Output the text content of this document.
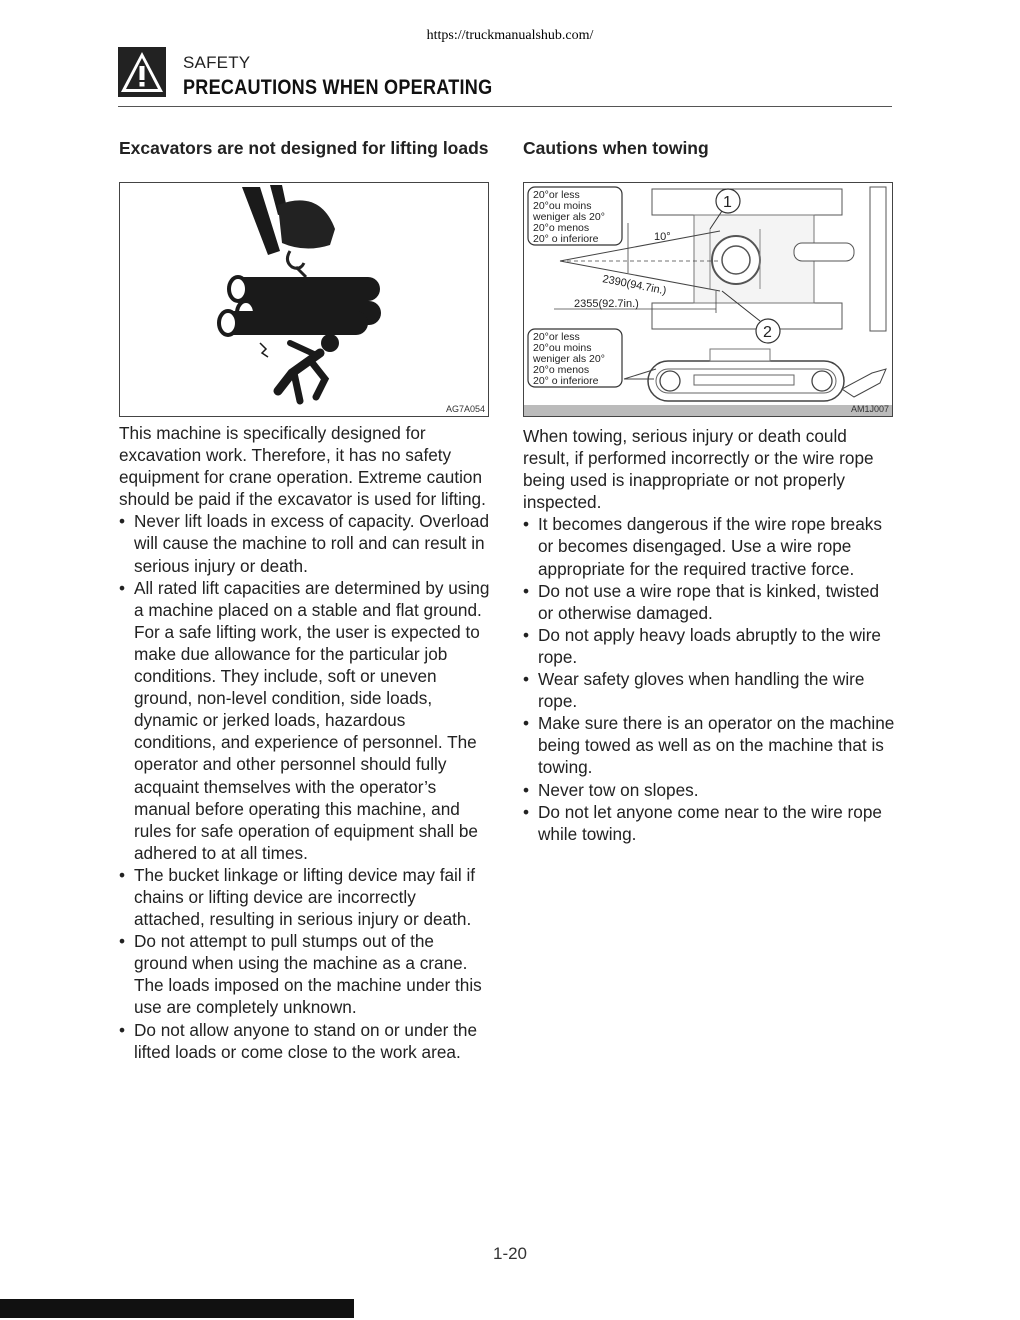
https://truckmanualshub.com/
SAFETY
PRECAUTIONS WHEN OPERATING
Excavators are not designed for lifting loads
AG7A054

This machine is specifically designed for excavation work. Therefore, it has no safety equipment for crane operation. Extreme caution should be paid if the excavator is used for lifting.

• Never lift loads in excess of capacity. Overload will cause the machine to roll and can result in serious injury or death.
• All rated lift capacities are determined by using a machine placed on a stable and flat ground. For a safe lifting work, the user is expected to make due allowance for the particular job conditions. They include, soft or uneven ground, non-level condition, side loads, dynamic or jerked loads, hazardous conditions, and experience of personnel. The operator and other personnel should fully acquaint themselves with the operator’s manual before operating this machine, and rules for safe operation of equipment shall be adhered to at all times.
• The bucket linkage or lifting device may fail if chains or lifting device are incorrectly attached, resulting in serious injury or death.
• Do not attempt to pull stumps out of the ground when using the machine as a crane. The loads imposed on the machine under this use are completely unknown.
• Do not allow anyone to stand on or under the lifted loads or come close to the work area.
Cautions when towing
20°or less
20°ou moins
weniger als 20°
20°o menos
20° o inferiore	10°
2390(94.7in.)
2355(92.7in.)
1
2
20°or less
20°ou moins
weniger als 20°
20°o menos
20° o inferiore
AM1J007

When towing, serious injury or death could result, if performed incorrectly or the wire rope being used is inappropriate or not properly inspected.

• It becomes dangerous if the wire rope breaks or becomes disengaged. Use a wire rope appropriate for the required tractive force.
• Do not use a wire rope that is kinked, twisted or otherwise damaged.
• Do not apply heavy loads abruptly to the wire rope.
• Wear safety gloves when handling the wire rope.
• Make sure there is an operator on the machine being towed as well as on the machine that is towing.
• Never tow on slopes.
• Do not let anyone come near to the wire rope while towing.
1-20
